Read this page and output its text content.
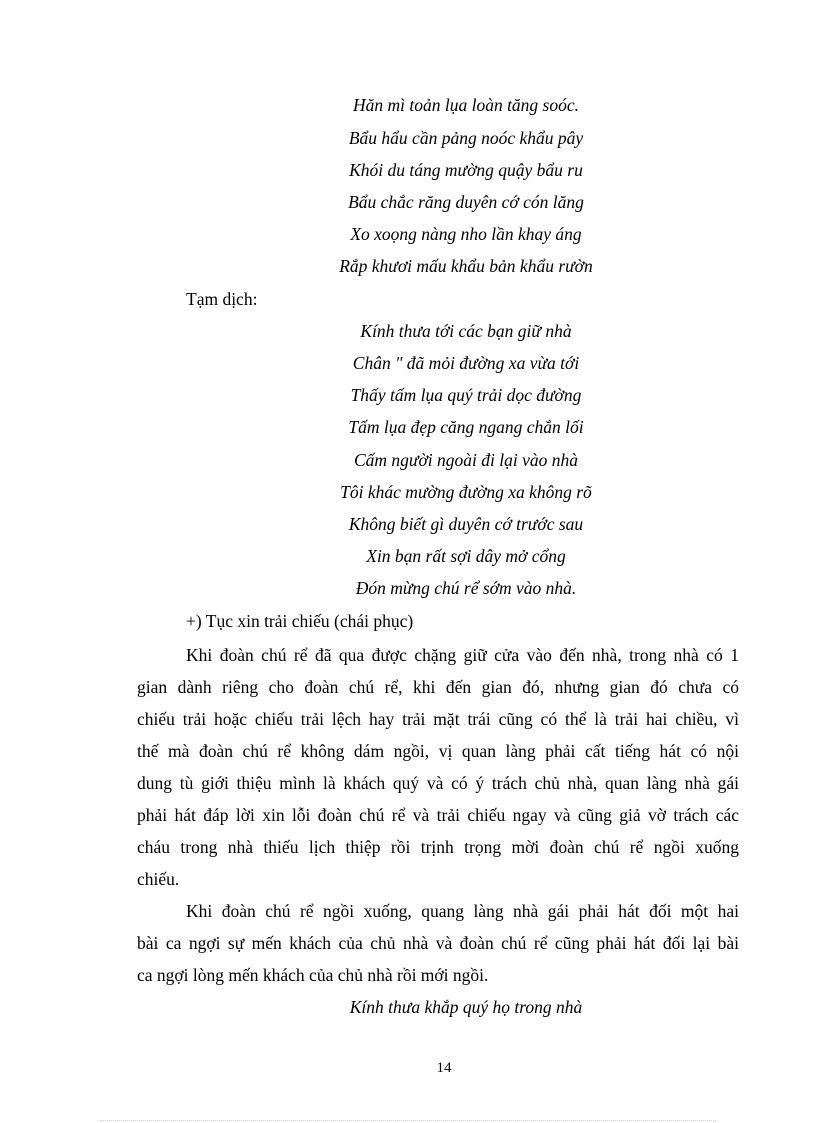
Hăn mì toản lụa loàn tăng soóc.
Bẩu hẩu cần pảng noóc khẩu pây
Khói du táng mường quậy bẩu ru
Bẩu chắc răng duyên cớ cón lăng
Xo xoọng nàng nho lần khay áng
Rắp khươi mấu khẩu bản khẩu rườn
Tạm dịch:
Kính thưa tới các bạn giữ nhà
Chân " đã mỏi đường xa vừa tới
Thấy tấm lụa quý trải dọc đường
Tấm lụa đẹp căng ngang chắn lối
Cấm người ngoài đi lại vào nhà
Tôi khác mường đường xa không rõ
Không biết gì duyên cớ trước sau
Xin bạn rất sợi dây mở cổng
Đón mừng chú rể sớm vào nhà.
+) Tục xin trải chiếu (chái phục)
Khi đoàn chú rể đã qua được chặng giữ cửa vào đến nhà, trong nhà có 1
gian dành riêng cho đoàn chú rể, khi đến gian đó, nhưng gian đó chưa có
chiếu trải hoặc chiếu trải lệch hay trải mặt trái cũng có thể là trải hai chiều, vì
thế mà đoàn chú rể không dám ngồi, vị quan làng phải cất tiếng hát có nội
dung tù giới thiệu mình là khách quý và có ý trách chủ nhà, quan làng nhà gái
phải hát đáp lời xin lỗi đoàn chú rể và trải chiếu ngay và cũng giả vờ trách các
cháu trong nhà thiếu lịch thiệp rồi trịnh trọng mời đoàn chú rể ngồi xuống
chiếu.
Khi đoàn chú rể ngồi xuống, quang làng nhà gái phải hát đối một hai
bài ca ngợi sự mến khách của chủ nhà và đoàn chú rể cũng phải hát đối lại bài
ca ngợi lòng mến khách của chủ nhà rồi mới ngồi.
Kính thưa khắp quý họ trong nhà
14
